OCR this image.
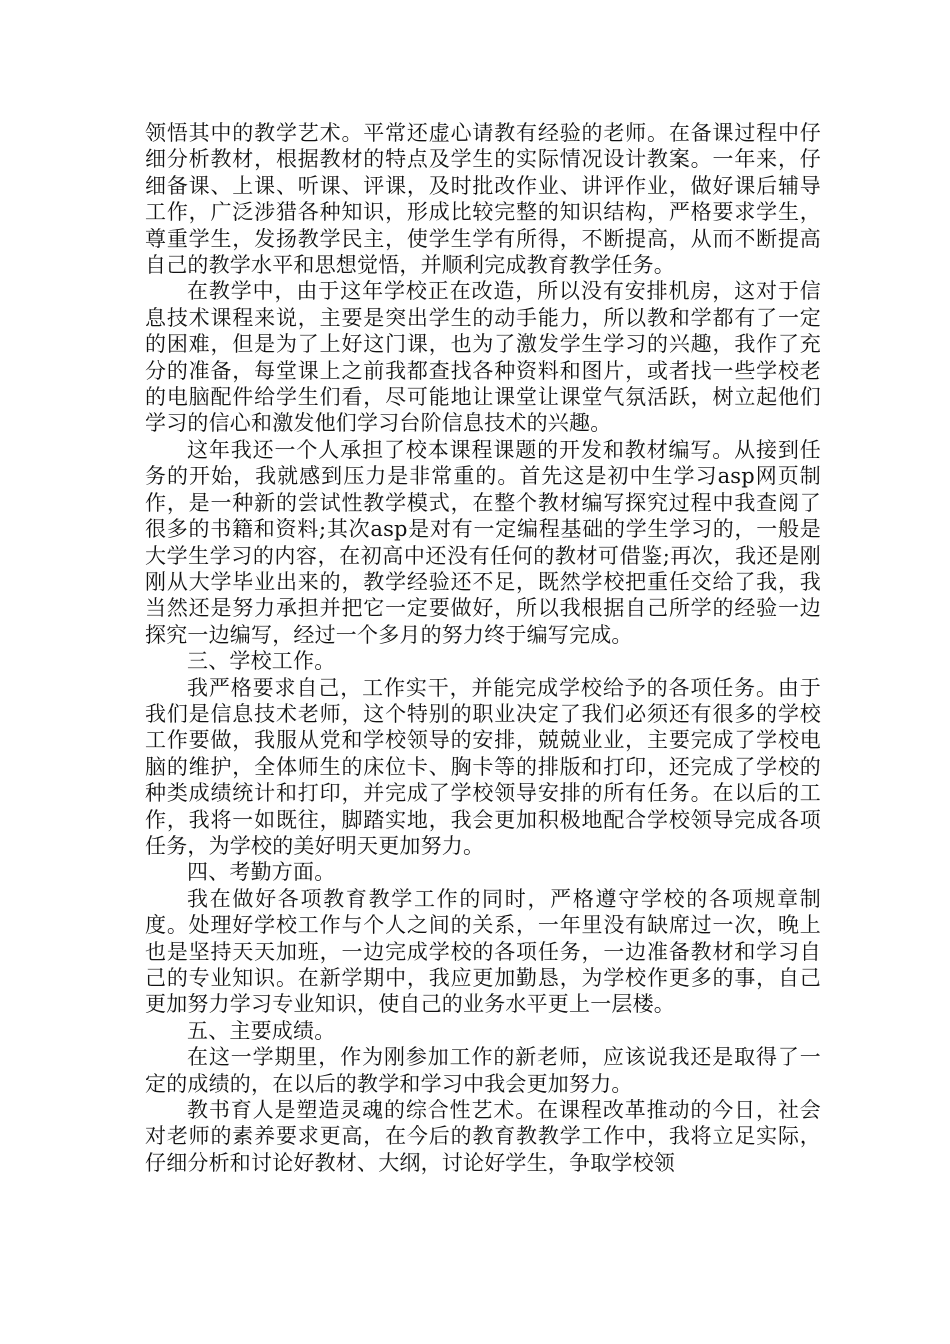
领悟其中的教学艺术。平常还虚心请教有经验的老师。在备课过程中仔细分析教材，根据教材的特点及学生的实际情况设计教案。一年来，仔细备课、上课、听课、评课，及时批改作业、讲评作业，做好课后辅导工作，广泛涉猎各种知识，形成比较完整的知识结构，严格要求学生，尊重学生，发扬教学民主，使学生学有所得，不断提高，从而不断提高自己的教学水平和思想觉悟，并顺利完成教育教学任务。

在教学中，由于这年学校正在改造，所以没有安排机房，这对于信息技术课程来说，主要是突出学生的动手能力，所以教和学都有了一定的困难，但是为了上好这门课，也为了激发学生学习的兴趣，我作了充分的准备，每堂课上之前我都查找各种资料和图片，或者找一些学校老的电脑配件给学生们看，尽可能地让课堂让课堂气氛活跃，树立起他们学习的信心和激发他们学习台阶信息技术的兴趣。

这年我还一个人承担了校本课程课题的开发和教材编写。从接到任务的开始，我就感到压力是非常重的。首先这是初中生学习asp网页制作，是一种新的尝试性教学模式，在整个教材编写探究过程中我查阅了很多的书籍和资料;其次asp是对有一定编程基础的学生学习的，一般是大学生学习的内容，在初高中还没有任何的教材可借鉴;再次，我还是刚刚从大学毕业出来的，教学经验还不足，既然学校把重任交给了我，我当然还是努力承担并把它一定要做好，所以我根据自己所学的经验一边探究一边编写，经过一个多月的努力终于编写完成。

三、学校工作。

我严格要求自己，工作实干，并能完成学校给予的各项任务。由于我们是信息技术老师，这个特别的职业决定了我们必须还有很多的学校工作要做，我服从党和学校领导的安排，兢兢业业，主要完成了学校电脑的维护，全体师生的床位卡、胸卡等的排版和打印，还完成了学校的种类成绩统计和打印，并完成了学校领导安排的所有任务。在以后的工作，我将一如既往，脚踏实地，我会更加积极地配合学校领导完成各项任务，为学校的美好明天更加努力。

四、考勤方面。

我在做好各项教育教学工作的同时，严格遵守学校的各项规章制度。处理好学校工作与个人之间的关系，一年里没有缺席过一次，晚上也是坚持天天加班，一边完成学校的各项任务，一边准备教材和学习自己的专业知识。在新学期中，我应更加勤恳，为学校作更多的事，自己更加努力学习专业知识，使自己的业务水平更上一层楼。

五、主要成绩。

在这一学期里，作为刚参加工作的新老师，应该说我还是取得了一定的成绩的，在以后的教学和学习中我会更加努力。

教书育人是塑造灵魂的综合性艺术。在课程改革推动的今日，社会对老师的素养要求更高，在今后的教育教教学工作中，我将立足实际，仔细分析和讨论好教材、大纲，讨论好学生，争取学校领
